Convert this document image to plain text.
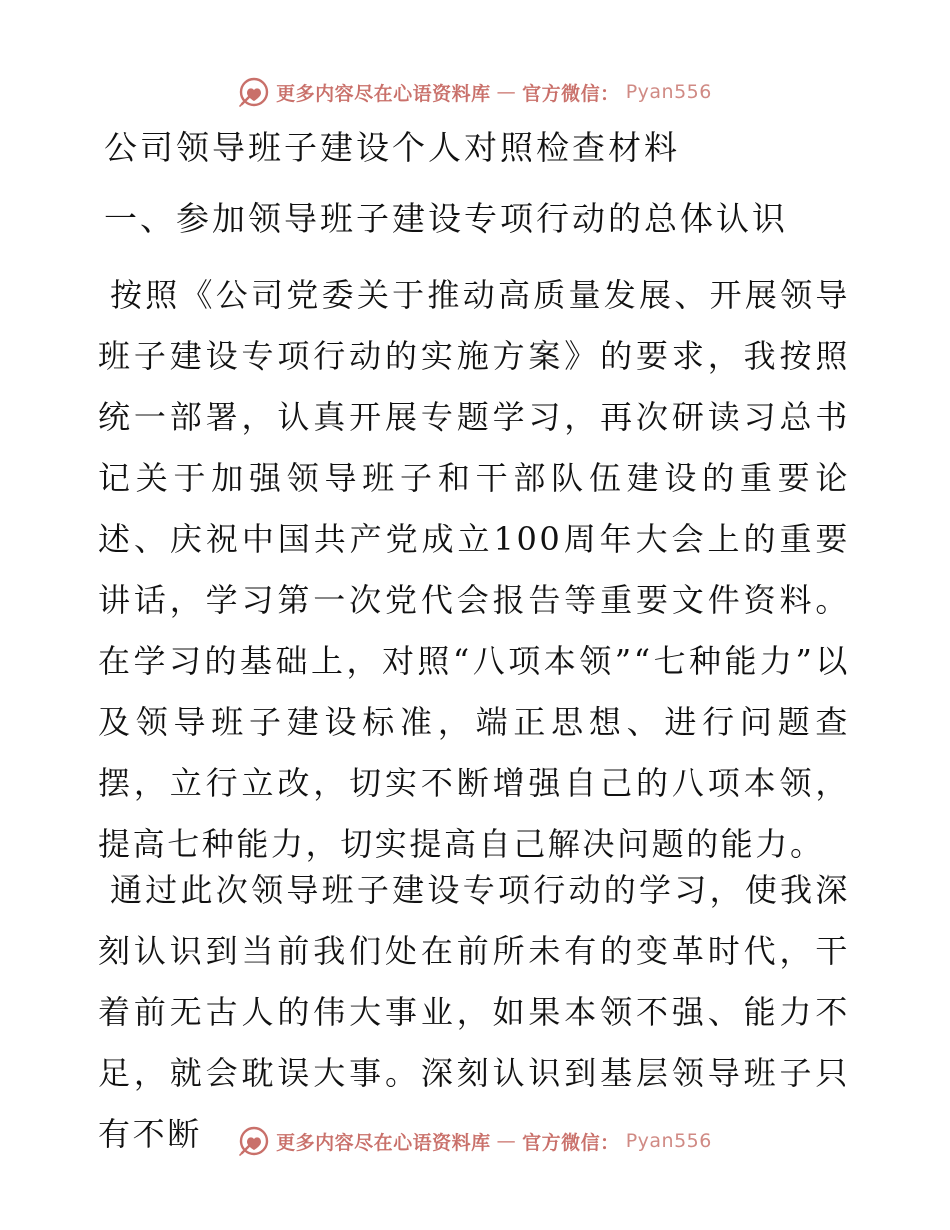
更多内容尽在心语资料库 — 官方微信： Pyan556
公司领导班子建设个人对照检查材料
一、参加领导班子建设专项行动的总体认识

按照《公司党委关于推动高质量发展、开展领导班子建设专项行动的实施方案》的要求，我按照统一部署，认真开展专题学习，再次研读习总书记关于加强领导班子和干部队伍建设的重要论述、庆祝中国共产党成立100周年大会上的重要讲话，学习第一次党代会报告等重要文件资料。在学习的基础上，对照“八项本领”“七种能力”以及领导班子建设标准，端正思想、进行问题查摆，立行立改，切实不断增强自己的八项本领，提高七种能力，切实提高自己解决问题的能力。

通过此次领导班子建设专项行动的学习，使我深刻认识到当前我们处在前所未有的变革时代，干着前无古人的伟大事业，如果本领不强、能力不足，就会耽误大事。深刻认识到基层领导班子只有不断	更多内容尽在心语资料库 — 官方微信： Pyan556
